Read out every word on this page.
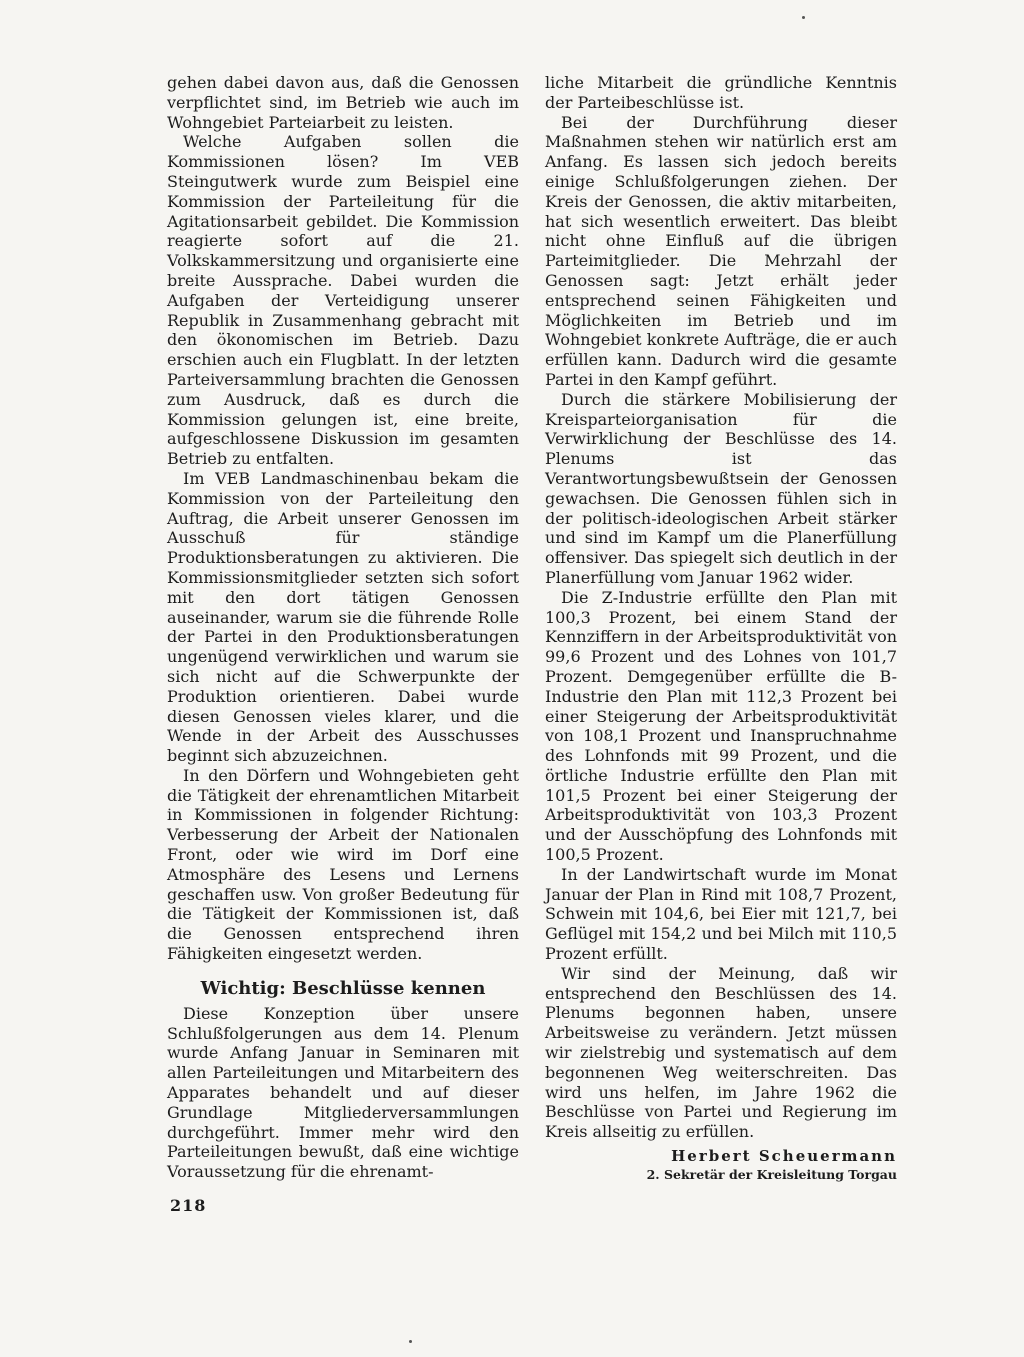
gehen dabei davon aus, daß die Genossen verpflichtet sind, im Betrieb wie auch im Wohngebiet Parteiarbeit zu leisten.

Welche Aufgaben sollen die Kommissionen lösen? Im VEB Steingutwerk wurde zum Beispiel eine Kommission der Parteileitung für die Agitationsarbeit gebildet. Die Kommission reagierte sofort auf die 21. Volkskammersitzung und organisierte eine breite Aussprache. Dabei wurden die Aufgaben der Verteidigung unserer Republik in Zusammenhang gebracht mit den ökonomischen im Betrieb. Dazu erschien auch ein Flugblatt. In der letzten Parteiversammlung brachten die Genossen zum Ausdruck, daß es durch die Kommission gelungen ist, eine breite, aufgeschlossene Diskussion im gesamten Betrieb zu entfalten.

Im VEB Landmaschinenbau bekam die Kommission von der Parteileitung den Auftrag, die Arbeit unserer Genossen im Ausschuß für ständige Produktionsberatungen zu aktivieren. Die Kommissionsmitglieder setzten sich sofort mit den dort tätigen Genossen auseinander, warum sie die führende Rolle der Partei in den Produktionsberatungen ungenügend verwirklichen und warum sie sich nicht auf die Schwerpunkte der Produktion orientieren. Dabei wurde diesen Genossen vieles klarer, und die Wende in der Arbeit des Ausschusses beginnt sich abzuzeichnen.

In den Dörfern und Wohngebieten geht die Tätigkeit der ehrenamtlichen Mitarbeit in Kommissionen in folgender Richtung: Verbesserung der Arbeit der Nationalen Front, oder wie wird im Dorf eine Atmosphäre des Lesens und Lernens geschaffen usw. Von großer Bedeutung für die Tätigkeit der Kommissionen ist, daß die Genossen entsprechend ihren Fähigkeiten eingesetzt werden.

Wichtig: Beschlüsse kennen

Diese Konzeption über unsere Schlußfolgerungen aus dem 14. Plenum wurde Anfang Januar in Seminaren mit allen Parteileitungen und Mitarbeitern des Apparates behandelt und auf dieser Grundlage Mitgliederversammlungen durchgeführt. Immer mehr wird den Parteileitungen bewußt, daß eine wichtige Voraussetzung für die ehrenamt-

liche Mitarbeit die gründliche Kenntnis der Parteibeschlüsse ist.

Bei der Durchführung dieser Maßnahmen stehen wir natürlich erst am Anfang. Es lassen sich jedoch bereits einige Schlußfolgerungen ziehen. Der Kreis der Genossen, die aktiv mitarbeiten, hat sich wesentlich erweitert. Das bleibt nicht ohne Einfluß auf die übrigen Parteimitglieder. Die Mehrzahl der Genossen sagt: Jetzt erhält jeder entsprechend seinen Fähigkeiten und Möglichkeiten im Betrieb und im Wohngebiet konkrete Aufträge, die er auch erfüllen kann. Dadurch wird die gesamte Partei in den Kampf geführt.

Durch die stärkere Mobilisierung der Kreisparteiorganisation für die Verwirklichung der Beschlüsse des 14. Plenums ist das Verantwortungsbewußtsein der Genossen gewachsen. Die Genossen fühlen sich in der politisch-ideologischen Arbeit stärker und sind im Kampf um die Planerfüllung offensiver. Das spiegelt sich deutlich in der Planerfüllung vom Januar 1962 wider.

Die Z-Industrie erfüllte den Plan mit 100,3 Prozent, bei einem Stand der Kennziffern in der Arbeitsproduktivität von 99,6 Prozent und des Lohnes von 101,7 Prozent. Demgegenüber erfüllte die B-Industrie den Plan mit 112,3 Prozent bei einer Steigerung der Arbeitsproduktivität von 108,1 Prozent und Inanspruchnahme des Lohnfonds mit 99 Prozent, und die örtliche Industrie erfüllte den Plan mit 101,5 Prozent bei einer Steigerung der Arbeitsproduktivität von 103,3 Prozent und der Ausschöpfung des Lohnfonds mit 100,5 Prozent.

In der Landwirtschaft wurde im Monat Januar der Plan in Rind mit 108,7 Prozent, Schwein mit 104,6, bei Eier mit 121,7, bei Geflügel mit 154,2 und bei Milch mit 110,5 Prozent erfüllt.

Wir sind der Meinung, daß wir entsprechend den Beschlüssen des 14. Plenums begonnen haben, unsere Arbeitsweise zu verändern. Jetzt müssen wir zielstrebig und systematisch auf dem begonnenen Weg weiterschreiten. Das wird uns helfen, im Jahre 1962 die Beschlüsse von Partei und Regierung im Kreis allseitig zu erfüllen.

Herbert Scheuermann
2. Sekretär der Kreisleitung Torgau
218
